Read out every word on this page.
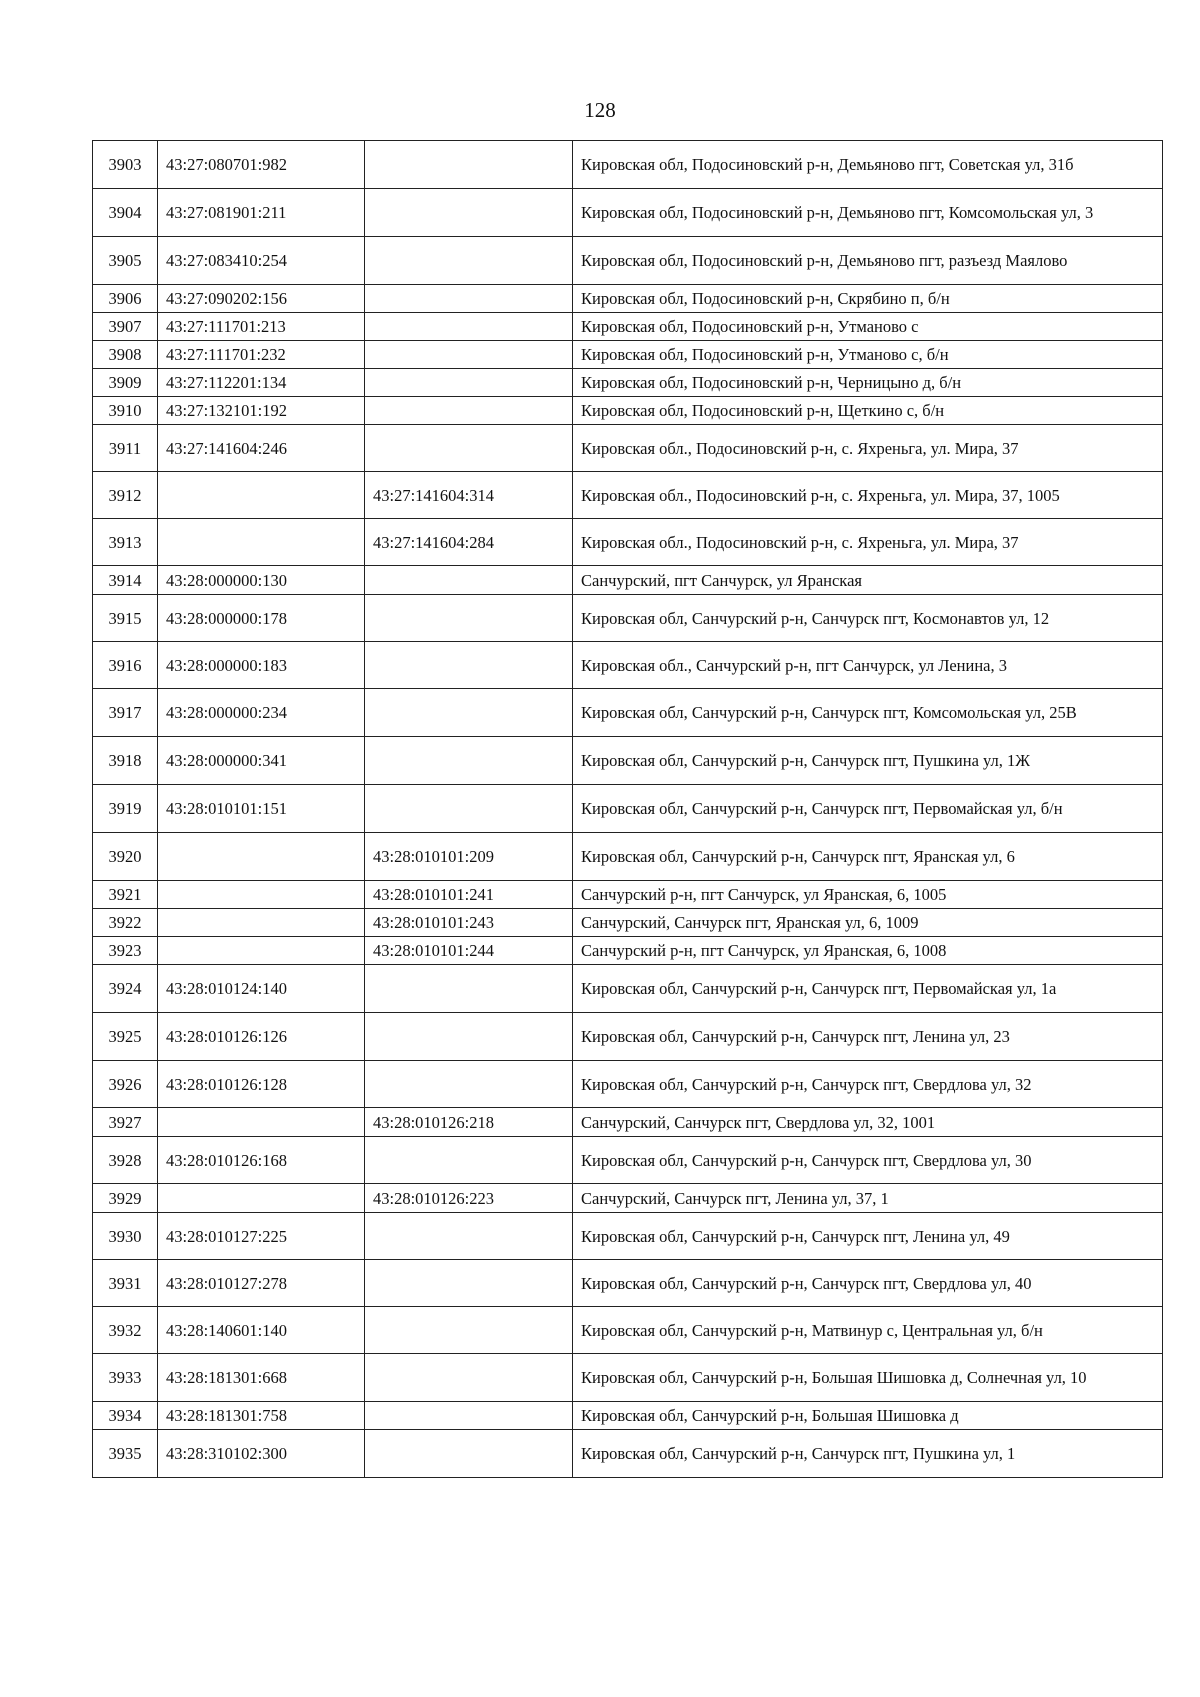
128
3903	43:27:080701:982		Кировская обл, Подосиновский р-н, Демьяново пгт, Советская ул, 31б
3904	43:27:081901:211		Кировская обл, Подосиновский р-н, Демьяново пгт, Комсомольская ул, 3
3905	43:27:083410:254		Кировская обл, Подосиновский р-н, Демьяново пгт, разъезд Маялово
3906	43:27:090202:156		Кировская обл, Подосиновский р-н, Скрябино п, б/н
3907	43:27:111701:213		Кировская обл, Подосиновский р-н, Утманово с
3908	43:27:111701:232		Кировская обл, Подосиновский р-н, Утманово с, б/н
3909	43:27:112201:134		Кировская обл, Подосиновский р-н, Черницыно д, б/н
3910	43:27:132101:192		Кировская обл, Подосиновский р-н, Щеткино с, б/н
3911	43:27:141604:246		Кировская обл., Подосиновский р-н, с. Яхреньга, ул. Мира, 37
3912		43:27:141604:314	Кировская обл., Подосиновский р-н, с. Яхреньга, ул. Мира, 37, 1005
3913		43:27:141604:284	Кировская обл., Подосиновский р-н, с. Яхреньга, ул. Мира, 37
3914	43:28:000000:130		Санчурский, пгт Санчурск, ул Яранская
3915	43:28:000000:178		Кировская обл, Санчурский р-н, Санчурск пгт, Космонавтов ул, 12
3916	43:28:000000:183		Кировская обл., Санчурский р-н, пгт Санчурск, ул Ленина, 3
3917	43:28:000000:234		Кировская обл, Санчурский р-н, Санчурск пгт, Комсомольская ул, 25В
3918	43:28:000000:341		Кировская обл, Санчурский р-н, Санчурск пгт, Пушкина ул, 1Ж
3919	43:28:010101:151		Кировская обл, Санчурский р-н, Санчурск пгт, Первомайская ул, б/н
3920		43:28:010101:209	Кировская обл, Санчурский р-н, Санчурск пгт, Яранская ул, 6
3921		43:28:010101:241	Санчурский р-н, пгт Санчурск, ул Яранская, 6, 1005
3922		43:28:010101:243	Санчурский, Санчурск пгт, Яранская ул, 6, 1009
3923		43:28:010101:244	Санчурский р-н, пгт Санчурск, ул Яранская, 6, 1008
3924	43:28:010124:140		Кировская обл, Санчурский р-н, Санчурск пгт, Первомайская ул, 1а
3925	43:28:010126:126		Кировская обл, Санчурский р-н, Санчурск пгт, Ленина ул, 23
3926	43:28:010126:128		Кировская обл, Санчурский р-н, Санчурск пгт, Свердлова ул, 32
3927		43:28:010126:218	Санчурский, Санчурск пгт, Свердлова ул, 32, 1001
3928	43:28:010126:168		Кировская обл, Санчурский р-н, Санчурск пгт, Свердлова ул, 30
3929		43:28:010126:223	Санчурский, Санчурск пгт, Ленина ул, 37, 1
3930	43:28:010127:225		Кировская обл, Санчурский р-н, Санчурск пгт, Ленина ул, 49
3931	43:28:010127:278		Кировская обл, Санчурский р-н, Санчурск пгт, Свердлова ул, 40
3932	43:28:140601:140		Кировская обл, Санчурский р-н, Матвинур с, Центральная ул, б/н
3933	43:28:181301:668		Кировская обл, Санчурский р-н, Большая Шишовка д, Солнечная ул, 10
3934	43:28:181301:758		Кировская обл, Санчурский р-н, Большая Шишовка д
3935	43:28:310102:300		Кировская обл, Санчурский р-н, Санчурск пгт, Пушкина ул, 1
